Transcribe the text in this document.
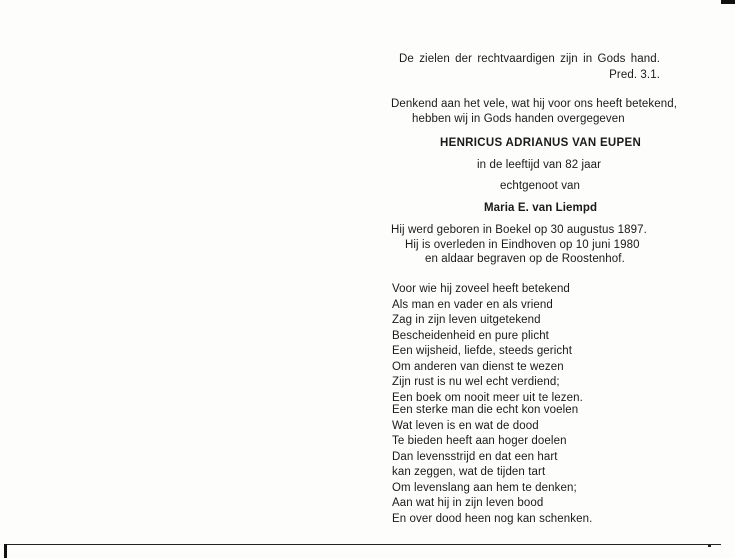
De zielen der rechtvaardigen zijn in Gods hand.
Pred. 3.1.
Denkend aan het vele, wat hij voor ons heeft betekend,
hebben wij in Gods handen overgegeven
HENRICUS ADRIANUS VAN EUPEN
in de leeftijd van 82 jaar
echtgenoot van
Maria E. van Liempd
Hij werd geboren in Boekel op 30 augustus 1897.
Hij is overleden in Eindhoven op 10 juni 1980
en aldaar begraven op de Roostenhof.
Voor wie hij zoveel heeft betekend
Als man en vader en als vriend
Zag in zijn leven uitgetekend
Bescheidenheid en pure plicht
Een wijsheid, liefde, steeds gericht
Om anderen van dienst te wezen
Zijn rust is nu wel echt verdiend;
Een boek om nooit meer uit te lezen.
Een sterke man die echt kon voelen
Wat leven is en wat de dood
Te bieden heeft aan hoger doelen
Dan levensstrijd en dat een hart
kan zeggen, wat de tijden tart
Om levenslang aan hem te denken;
Aan wat hij in zijn leven bood
En over dood heen nog kan schenken.
